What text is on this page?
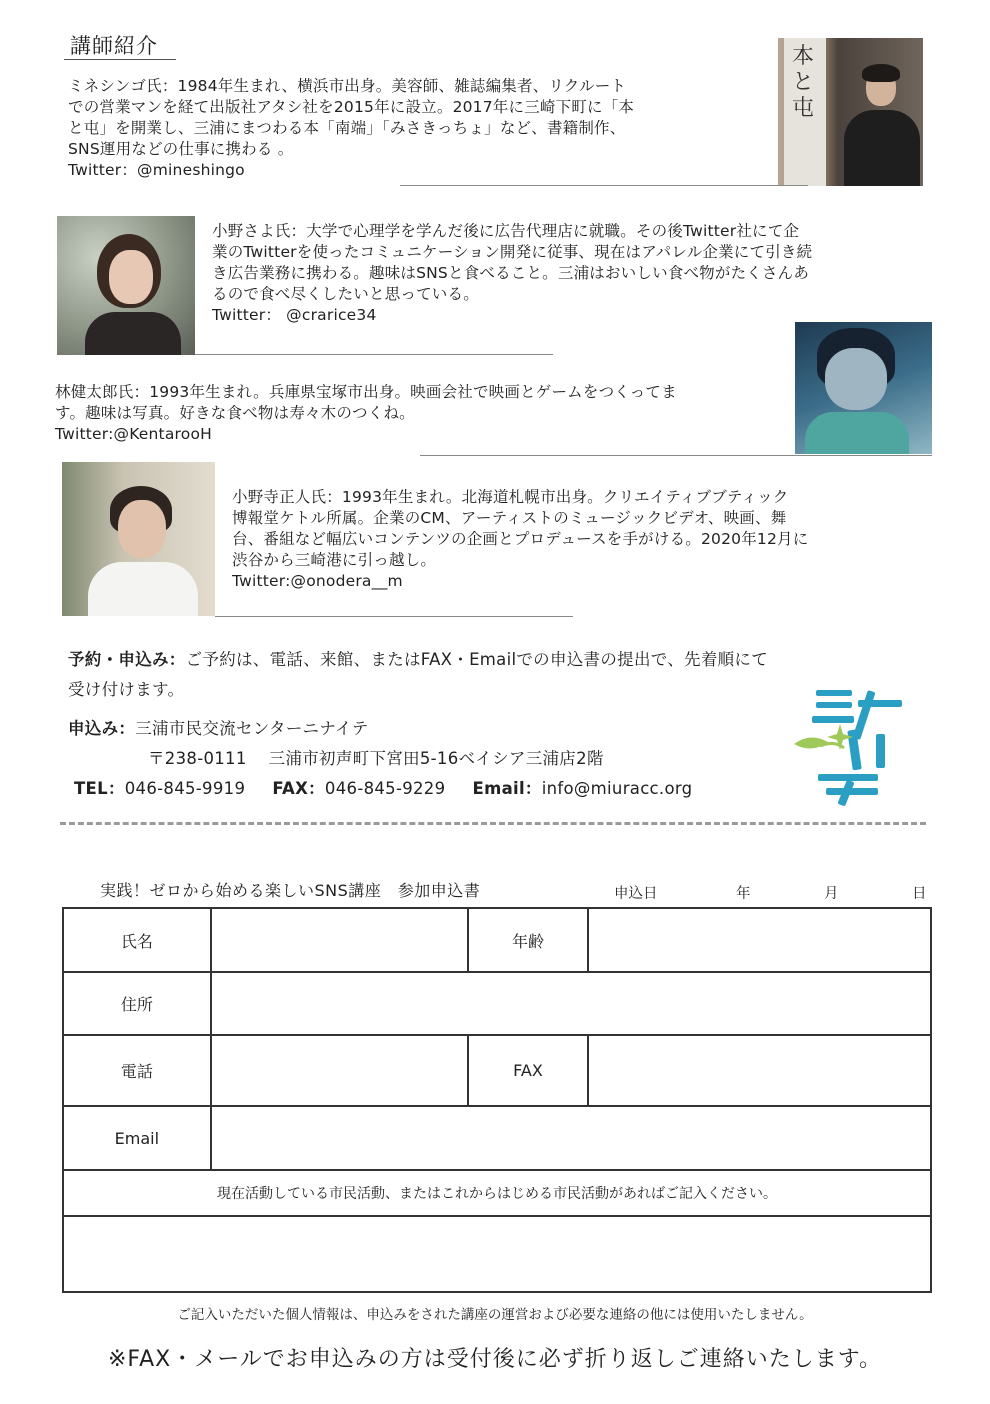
講師紹介
ミネシンゴ氏：1984年生まれ、横浜市出身。美容師、雑誌編集者、リクルート
での営業マンを経て出版社アタシ社を2015年に設立。2017年に三崎下町に「本
と屯」を開業し、三浦にまつわる本「南端」「みさきっちょ」など、書籍制作、
SNS運用などの仕事に携わる 。
Twitter：@mineshingo
本と屯
小野さよ氏：大学で心理学を学んだ後に広告代理店に就職。その後Twitter社にて企
業のTwitterを使ったコミュニケーション開発に従事、現在はアパレル企業にて引き続
き広告業務に携わる。趣味はSNSと食べること。三浦はおいしい食べ物がたくさんあ
るので食べ尽くしたいと思っている。
Twitter： @crarice34
林健太郎氏：1993年生まれ。兵庫県宝塚市出身。映画会社で映画とゲームをつくってま
す。趣味は写真。好きな食べ物は寿々木のつくね。
Twitter:@KentarooH
小野寺正人氏：1993年生まれ。北海道札幌市出身。クリエイティブブティック
博報堂ケトル所属。企業のCM、アーティストのミュージックビデオ、映画、舞
台、番組など幅広いコンテンツの企画とプロデュースを手がける。2020年12月に
渋谷から三崎港に引っ越し。
Twitter:@onodera__m
予約・申込み：ご予約は、電話、来館、またはFAX・Emailでの申込書の提出で、先着順にて
受け付けます。
申込み：三浦市民交流センターニナイテ
〒238-0111 三浦市初声町下宮田5-16ベイシア三浦店2階
TEL：046-845-9919 FAX：046-845-9229 Email：info@miuracc.org
実践！ゼロから始める楽しいSNS講座　参加申込書	申込日	年	月	日
氏名		年齢	
住所			
電話		FAX	
Email			
現在活動している市民活動、またはこれからはじめる市民活動があればご記入ください。			

ご記入いただいた個人情報は、申込みをされた講座の運営および必要な連絡の他には使用いたしません。
※FAX・メールでお申込みの方は受付後に必ず折り返しご連絡いたします。
